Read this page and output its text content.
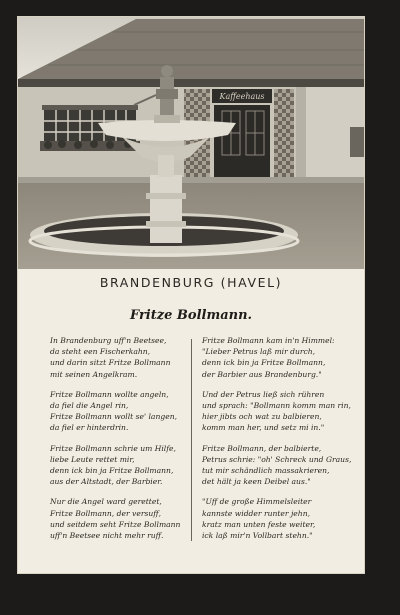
Kaffeehaus
BRANDENBURG (HAVEL)
Fritze Bollmann.
In Brandenburg uff'n Beetsee,
da steht een Fischerkahn,
und darin sitzt Fritze Bollmann
mit seinen Angelkram.
Fritze Bollmann wollte angeln,
da fiel die Angel rin,
Fritze Bollmann wollt se' langen,
da fiel er hinterdrin.
Fritze Bollmann schrie um Hilfe,
liebe Leute rettet mir,
denn ick bin ja Fritze Bollmann,
aus der Altstadt, der Barbier.
Nur die Angel ward gerettet,
Fritze Bollmann, der versuff,
und seitdem seht Fritze Bollmann
uff'n Beetsee nicht mehr ruff.
Fritze Bollmann kam in'n Himmel:
"Lieber Petrus laß mir durch,
denn ick bin ja Fritze Bollmann,
der Barbier aus Brandenburg."
Und der Petrus ließ sich rühren
und sprach: "Bollmann komm man rin,
hier jibts och wat zu balbieren,
komm man her, und setz mi in."
Fritze Bollmann, der balbierte,
Petrus schrie: "oh' Schreck und Graus,
tut mir schändlich massakrieren,
det hält ja keen Deibel aus."
"Uff de große Himmelsleiter
kannste widder runter jehn,
kratz man unten feste weiter,
ick laß mir'n Vollbart stehn."
